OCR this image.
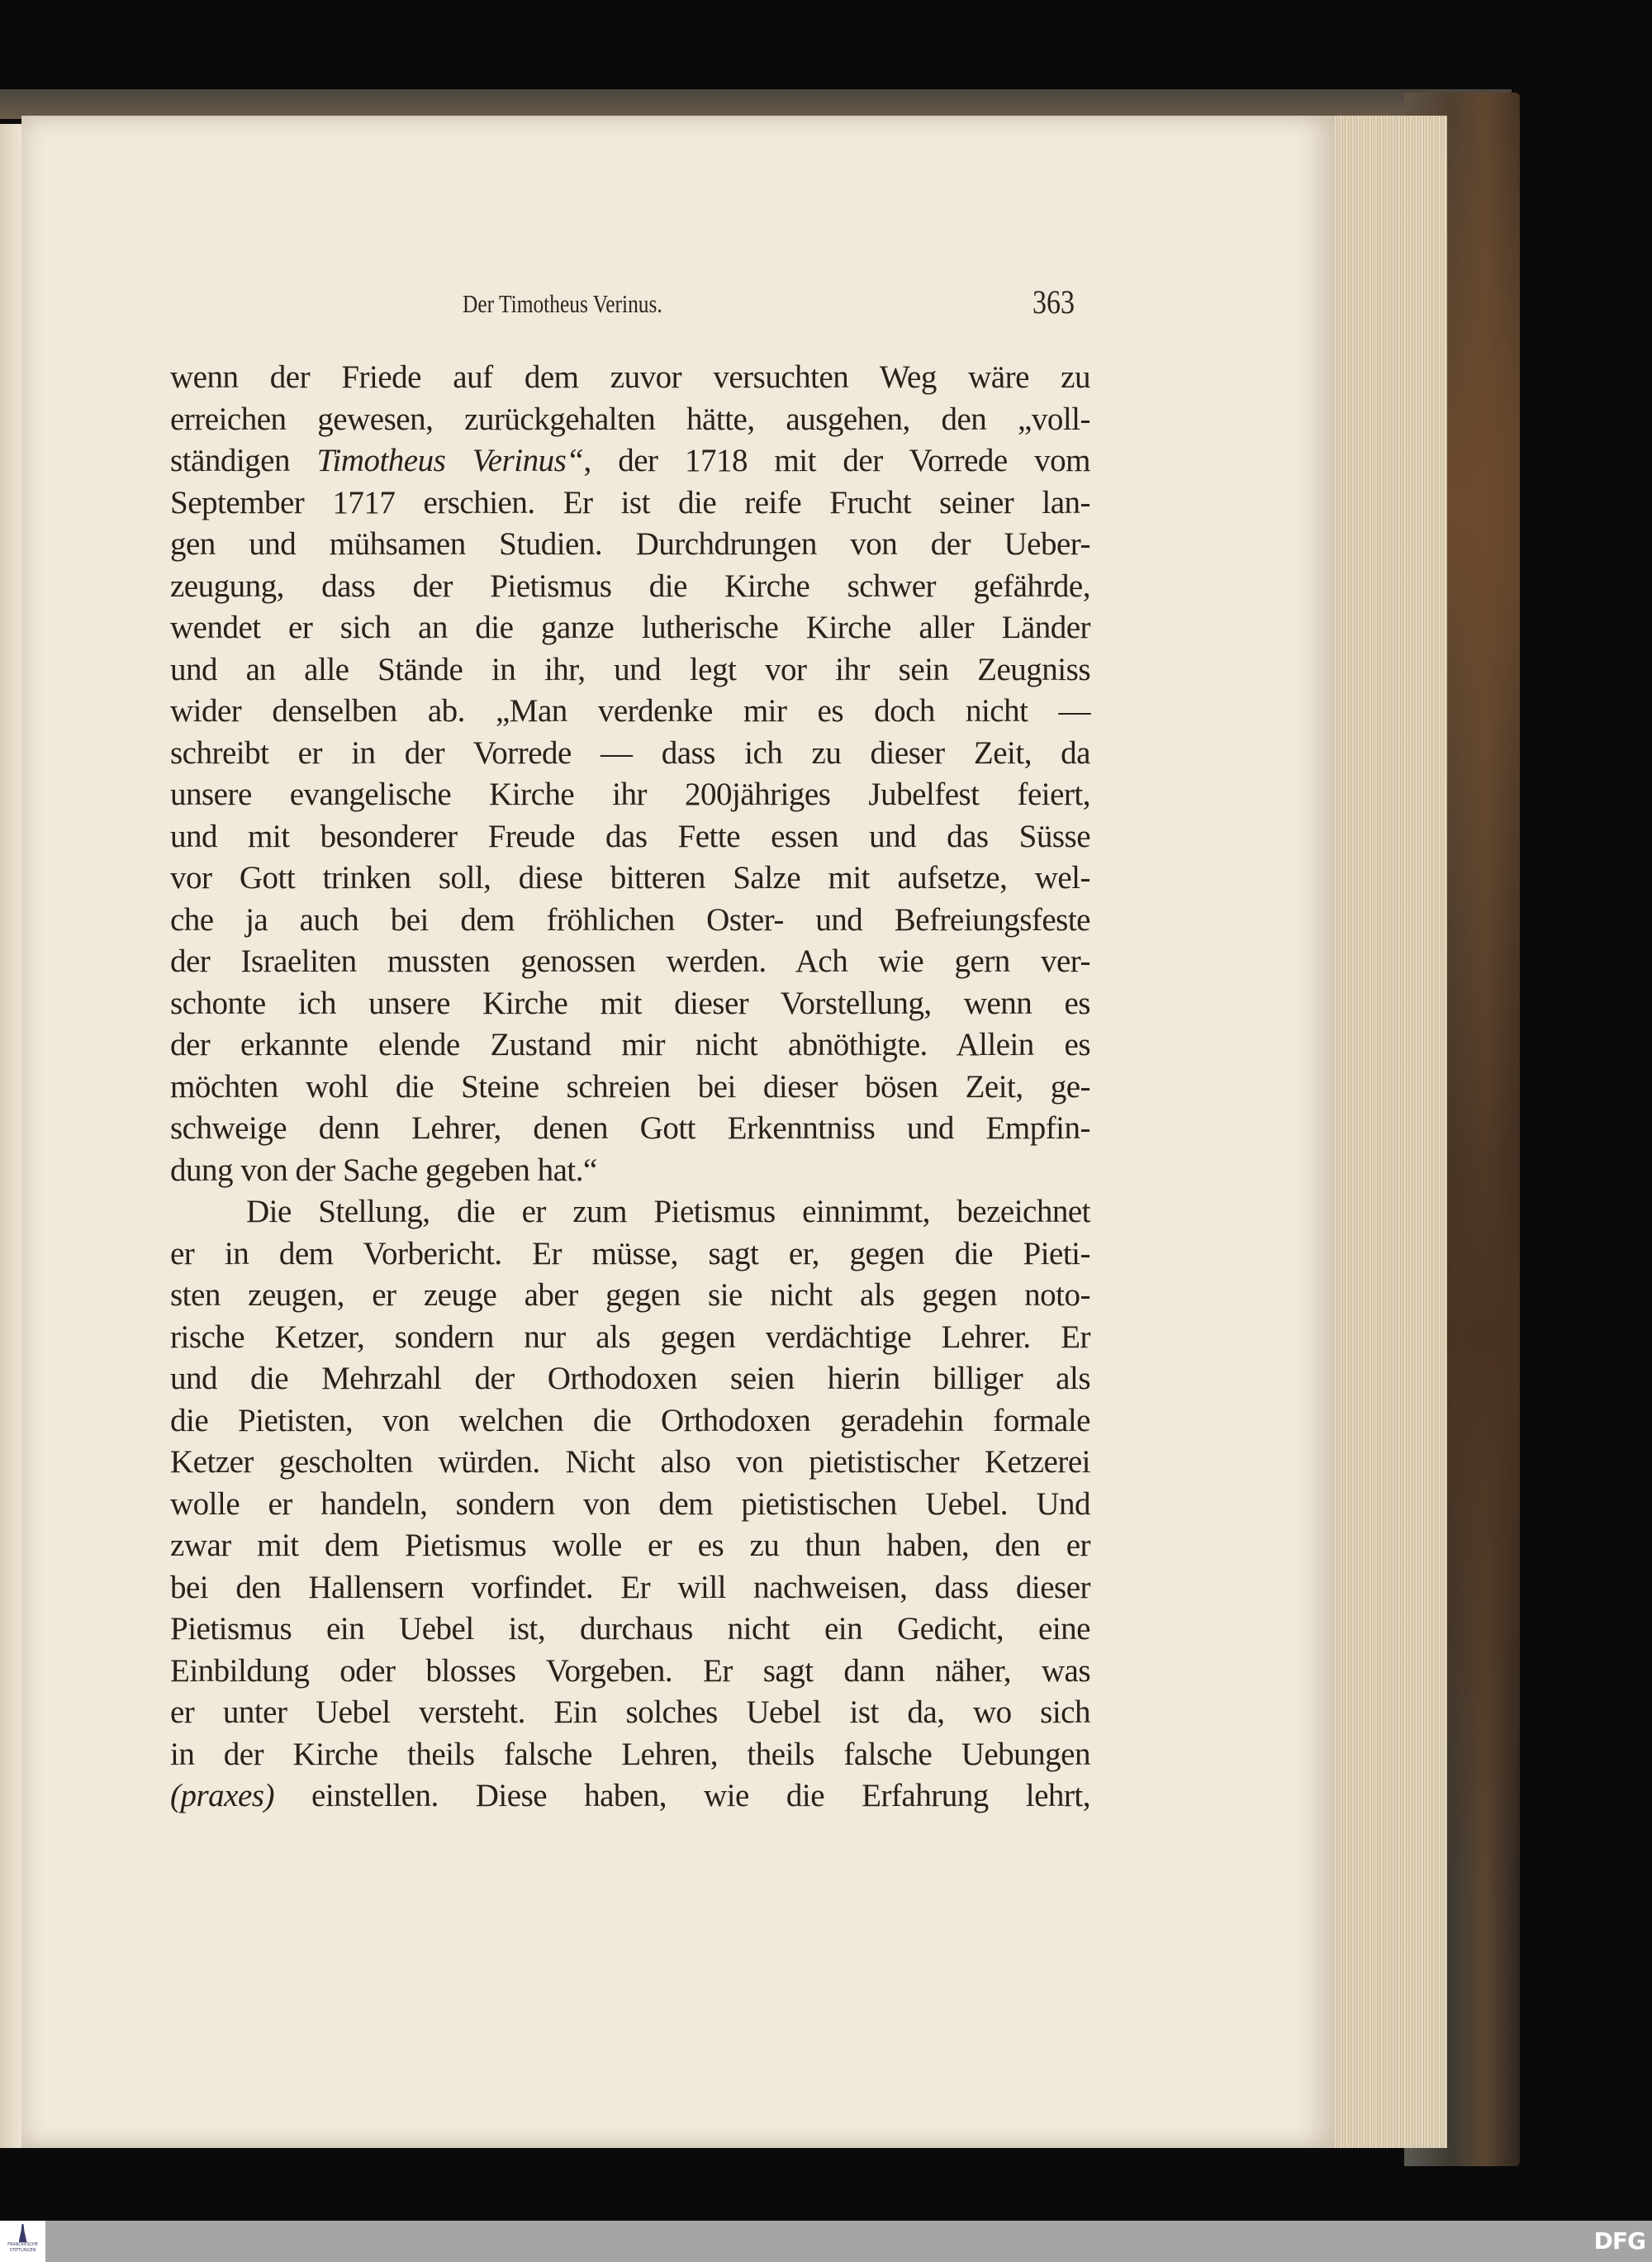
Der Timotheus Verinus.	363
wenn der Friede auf dem zuvor versuchten Weg wäre zu
erreichen gewesen, zurückgehalten hätte, ausgehen, den „voll-
ständigen Timotheus Verinus“, der 1718 mit der Vorrede vom
September 1717 erschien. Er ist die reife Frucht seiner lan-
gen und mühsamen Studien. Durchdrungen von der Ueber-
zeugung, dass der Pietismus die Kirche schwer gefährde,
wendet er sich an die ganze lutherische Kirche aller Länder
und an alle Stände in ihr, und legt vor ihr sein Zeugniss
wider denselben ab. „Man verdenke mir es doch nicht —
schreibt er in der Vorrede — dass ich zu dieser Zeit, da
unsere evangelische Kirche ihr 200jähriges Jubelfest feiert,
und mit besonderer Freude das Fette essen und das Süsse
vor Gott trinken soll, diese bitteren Salze mit aufsetze, wel-
che ja auch bei dem fröhlichen Oster- und Befreiungsfeste
der Israeliten mussten genossen werden. Ach wie gern ver-
schonte ich unsere Kirche mit dieser Vorstellung, wenn es
der erkannte elende Zustand mir nicht abnöthigte. Allein es
möchten wohl die Steine schreien bei dieser bösen Zeit, ge-
schweige denn Lehrer, denen Gott Erkenntniss und Empfin-
dung von der Sache gegeben hat.“
Die Stellung, die er zum Pietismus einnimmt, bezeichnet
er in dem Vorbericht. Er müsse, sagt er, gegen die Pieti-
sten zeugen, er zeuge aber gegen sie nicht als gegen noto-
rische Ketzer, sondern nur als gegen verdächtige Lehrer. Er
und die Mehrzahl der Orthodoxen seien hierin billiger als
die Pietisten, von welchen die Orthodoxen geradehin formale
Ketzer gescholten würden. Nicht also von pietistischer Ketzerei
wolle er handeln, sondern von dem pietistischen Uebel. Und
zwar mit dem Pietismus wolle er es zu thun haben, den er
bei den Hallensern vorfindet. Er will nachweisen, dass dieser
Pietismus ein Uebel ist, durchaus nicht ein Gedicht, eine
Einbildung oder blosses Vorgeben. Er sagt dann näher, was
er unter Uebel versteht. Ein solches Uebel ist da, wo sich
in der Kirche theils falsche Lehren, theils falsche Uebungen
(praxes) einstellen. Diese haben, wie die Erfahrung lehrt,
FRANCKESCHE STIFTUNGEN	DFG
